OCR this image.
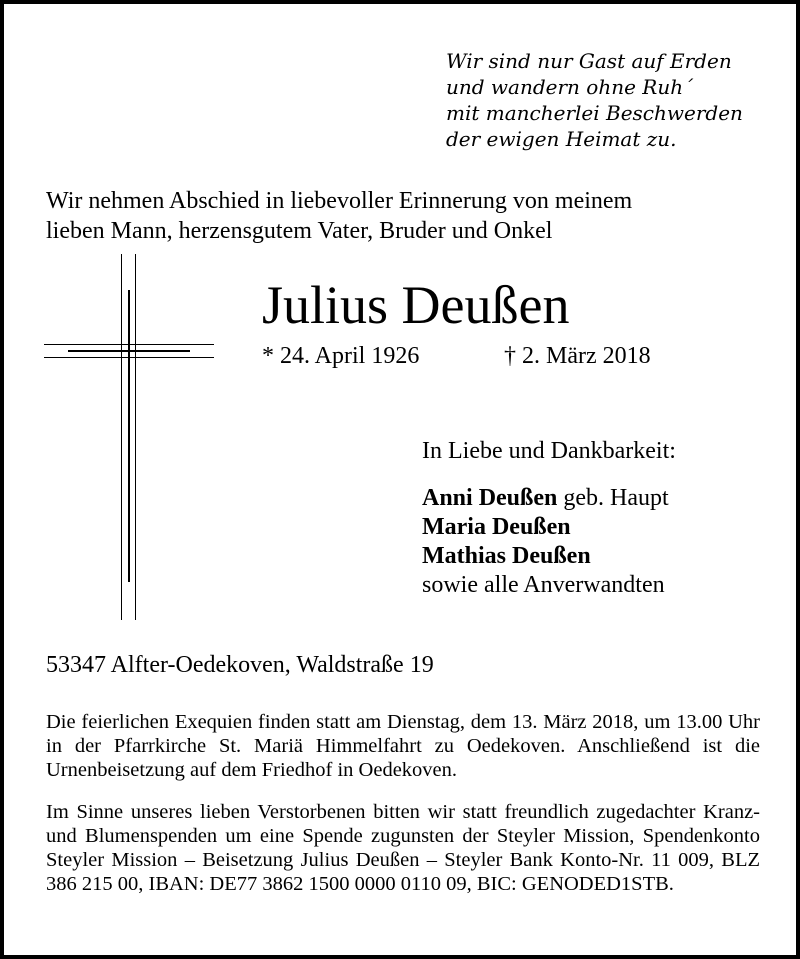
Wir sind nur Gast auf Erden
und wandern ohne Ruh´
mit mancherlei Beschwerden
der ewigen Heimat zu.
Wir nehmen Abschied in liebevoller Erinnerung von meinem
lieben Mann, herzensgutem Vater, Bruder und Onkel
Julius Deußen
* 24. April 1926	† 2. März 2018
In Liebe und Dankbarkeit:
Anni Deußen geb. Haupt
Maria Deußen
Mathias Deußen
sowie alle Anverwandten
53347 Alfter-Oedekoven, Waldstraße 19
Die feierlichen Exequien finden statt am Dienstag, dem 13. März 2018, um 13.00 Uhr in der Pfarrkirche St. Mariä Himmelfahrt zu Oedekoven. Anschließend ist die Urnenbeisetzung auf dem Friedhof in Oedekoven.
Im Sinne unseres lieben Verstorbenen bitten wir statt freundlich zugedachter Kranz- und Blumenspenden um eine Spende zugunsten der Steyler Mission, Spendenkonto Steyler Mission – Beisetzung Julius Deußen – Steyler Bank Konto-Nr. 11 009, BLZ 386 215 00, IBAN: DE77 3862 1500 0000 0110 09, BIC: GENODED1STB.
